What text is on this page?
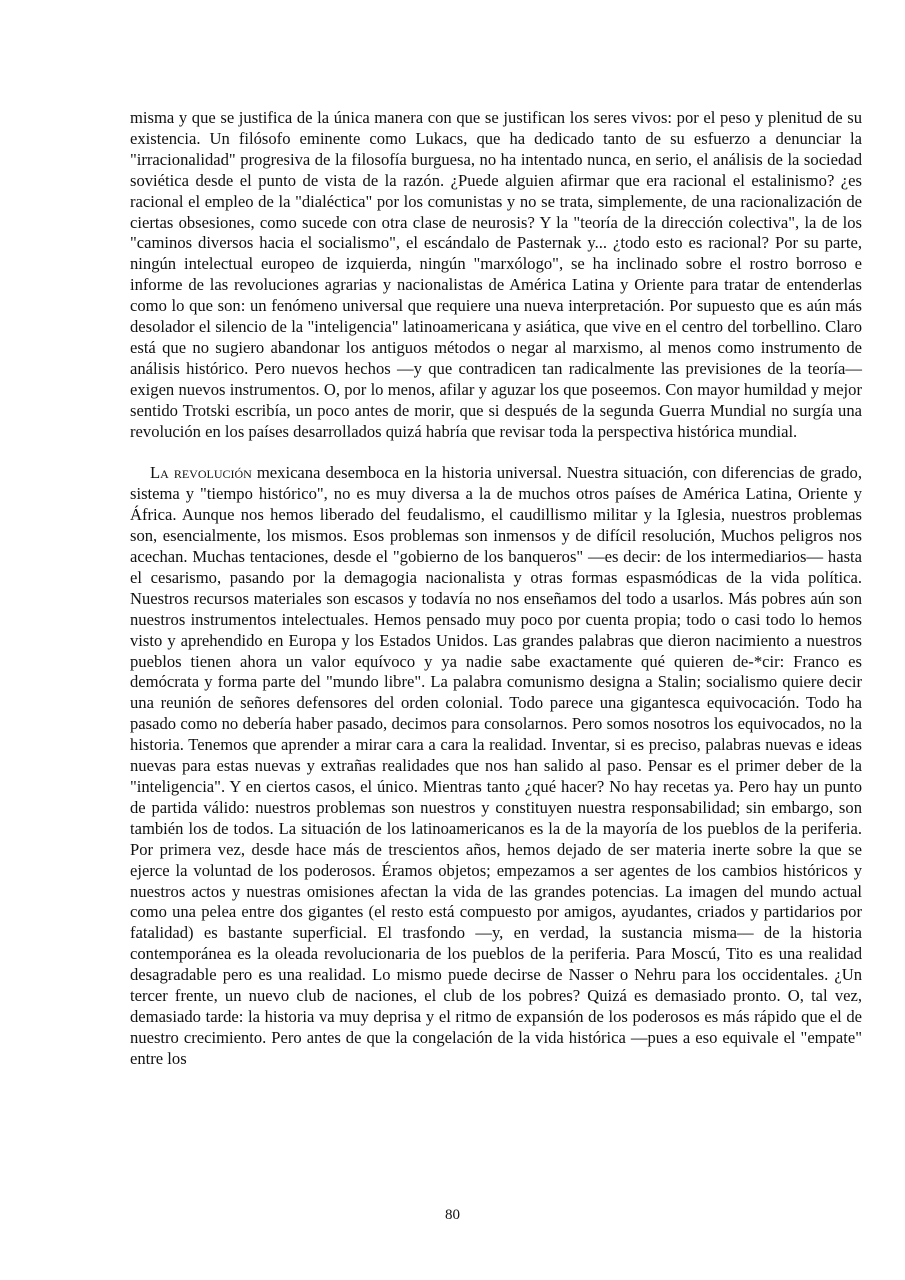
misma y que se justifica de la única manera con que se justifican los seres vivos: por el peso y plenitud de su existencia. Un filósofo eminente como Lukacs, que ha dedicado tanto de su esfuerzo a denunciar la "irracionalidad" progresiva de la filosofía burguesa, no ha intentado nunca, en serio, el análisis de la sociedad soviética desde el punto de vista de la razón. ¿Puede alguien afirmar que era racional el estalinismo? ¿es racional el empleo de la "dialéctica" por los comunistas y no se trata, simplemente, de una racionalización de ciertas obsesiones, como sucede con otra clase de neurosis? Y la "teoría de la dirección colectiva", la de los "caminos diversos hacia el socialismo", el escándalo de Pasternak y... ¿todo esto es racional? Por su parte, ningún intelectual europeo de izquierda, ningún "marxólogo", se ha inclinado sobre el rostro borroso e informe de las revoluciones agrarias y nacionalistas de América Latina y Oriente para tratar de entenderlas como lo que son: un fenómeno universal que requiere una nueva interpretación. Por supuesto que es aún más desolador el silencio de la "inteligencia" latinoamericana y asiática, que vive en el centro del torbellino. Claro está que no sugiero abandonar los antiguos métodos o negar al marxismo, al menos como instrumento de análisis histórico. Pero nuevos hechos —y que contradicen tan radicalmente las previsiones de la teoría— exigen nuevos instrumentos. O, por lo menos, afilar y aguzar los que poseemos. Con mayor humildad y mejor sentido Trotski escribía, un poco antes de morir, que si después de la segunda Guerra Mundial no surgía una revolución en los países desarrollados quizá habría que revisar toda la perspectiva histórica mundial.

La revolución mexicana desemboca en la historia universal. Nuestra situación, con diferencias de grado, sistema y "tiempo histórico", no es muy diversa a la de muchos otros países de América Latina, Oriente y África. Aunque nos hemos liberado del feudalismo, el caudillismo militar y la Iglesia, nuestros problemas son, esencialmente, los mismos. Esos problemas son inmensos y de difícil resolución, Muchos peligros nos acechan. Muchas tentaciones, desde el "gobierno de los banqueros" —es decir: de los intermediarios— hasta el cesarismo, pasando por la demagogia nacionalista y otras formas espasmódicas de la vida política. Nuestros recursos materiales son escasos y todavía no nos enseñamos del todo a usarlos. Más pobres aún son nuestros instrumentos intelectuales. Hemos pensado muy poco por cuenta propia; todo o casi todo lo hemos visto y aprehendido en Europa y los Estados Unidos. Las grandes palabras que dieron nacimiento a nuestros pueblos tienen ahora un valor equívoco y ya nadie sabe exactamente qué quieren de-*cir: Franco es demócrata y forma parte del "mundo libre". La palabra comunismo designa a Stalin; socialismo quiere decir una reunión de señores defensores del orden colonial. Todo parece una gigantesca equivocación. Todo ha pasado como no debería haber pasado, decimos para consolarnos. Pero somos nosotros los equivocados, no la historia. Tenemos que aprender a mirar cara a cara la realidad. Inventar, si es preciso, palabras nuevas e ideas nuevas para estas nuevas y extrañas realidades que nos han salido al paso. Pensar es el primer deber de la "inteligencia". Y en ciertos casos, el único. Mientras tanto ¿qué hacer? No hay recetas ya. Pero hay un punto de partida válido: nuestros problemas son nuestros y constituyen nuestra responsabilidad; sin embargo, son también los de todos. La situación de los latinoamericanos es la de la mayoría de los pueblos de la periferia. Por primera vez, desde hace más de trescientos años, hemos dejado de ser materia inerte sobre la que se ejerce la voluntad de los poderosos. Éramos objetos; empezamos a ser agentes de los cambios históricos y nuestros actos y nuestras omisiones afectan la vida de las grandes potencias. La imagen del mundo actual como una pelea entre dos gigantes (el resto está compuesto por amigos, ayudantes, criados y partidarios por fatalidad) es bastante superficial. El trasfondo —y, en verdad, la sustancia misma— de la historia contemporánea es la oleada revolucionaria de los pueblos de la periferia. Para Moscú, Tito es una realidad desagradable pero es una realidad. Lo mismo puede decirse de Nasser o Nehru para los occidentales. ¿Un tercer frente, un nuevo club de naciones, el club de los pobres? Quizá es demasiado pronto. O, tal vez, demasiado tarde: la historia va muy deprisa y el ritmo de expansión de los poderosos es más rápido que el de nuestro crecimiento. Pero antes de que la congelación de la vida histórica —pues a eso equivale el "empate" entre los

80
